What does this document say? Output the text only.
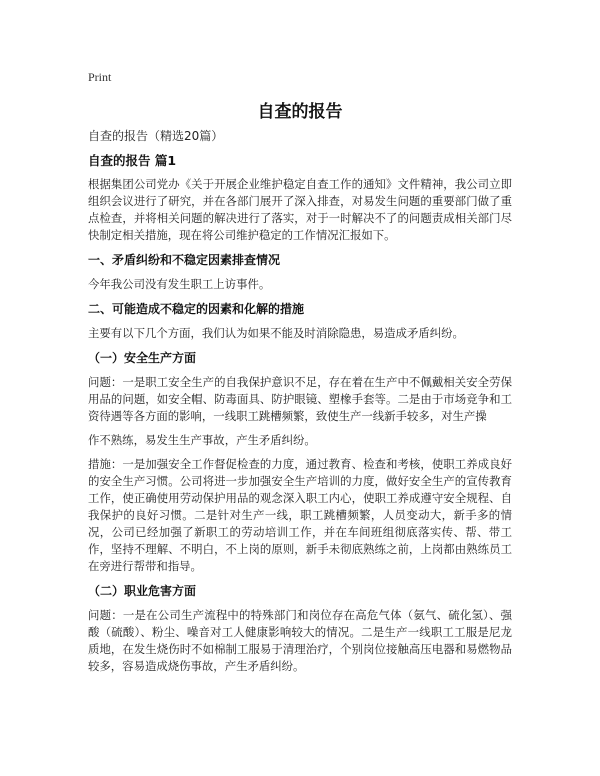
Print
自查的报告
自查的报告（精选20篇）
自查的报告 篇1

根据集团公司党办《关于开展企业维护稳定自查工作的通知》文件精神，我公司立即组织会议进行了研究，并在各部门展开了深入排查，对易发生问题的重要部门做了重点检查，并将相关问题的解决进行了落实，对于一时解决不了的问题责成相关部门尽快制定相关措施，现在将公司维护稳定的工作情况汇报如下。

一、矛盾纠纷和不稳定因素排查情况

今年我公司没有发生职工上访事件。

二、可能造成不稳定的因素和化解的措施

主要有以下几个方面，我们认为如果不能及时消除隐患，易造成矛盾纠纷。

（一）安全生产方面

问题：一是职工安全生产的自我保护意识不足，存在着在生产中不佩戴相关安全劳保用品的问题，如安全帽、防毒面具、防护眼镜、塑橡手套等。二是由于市场竞争和工资待遇等各方面的影响，一线职工跳槽频繁，致使生产一线新手较多，对生产操

作不熟练，易发生生产事故，产生矛盾纠纷。

措施：一是加强安全工作督促检查的力度，通过教育、检查和考核，使职工养成良好的安全生产习惯。公司将进一步加强安全生产培训的力度，做好安全生产的宣传教育工作，使正确使用劳动保护用品的观念深入职工内心，使职工养成遵守安全规程、自我保护的良好习惯。二是针对生产一线，职工跳槽频繁，人员变动大，新手多的情况，公司已经加强了新职工的劳动培训工作，并在车间班组彻底落实传、帮、带工作，坚持不理解、不明白，不上岗的原则，新手未彻底熟练之前，上岗都由熟练员工在旁进行帮带和指导。

（二）职业危害方面

问题：一是在公司生产流程中的特殊部门和岗位存在高危气体（氨气、硫化氢）、强酸（硫酸）、粉尘、噪音对工人健康影响较大的情况。二是生产一线职工工服是尼龙质地，在发生烧伤时不如棉制工服易于清理治疗，个别岗位接触高压电器和易燃物品较多，容易造成烧伤事故，产生矛盾纠纷。
